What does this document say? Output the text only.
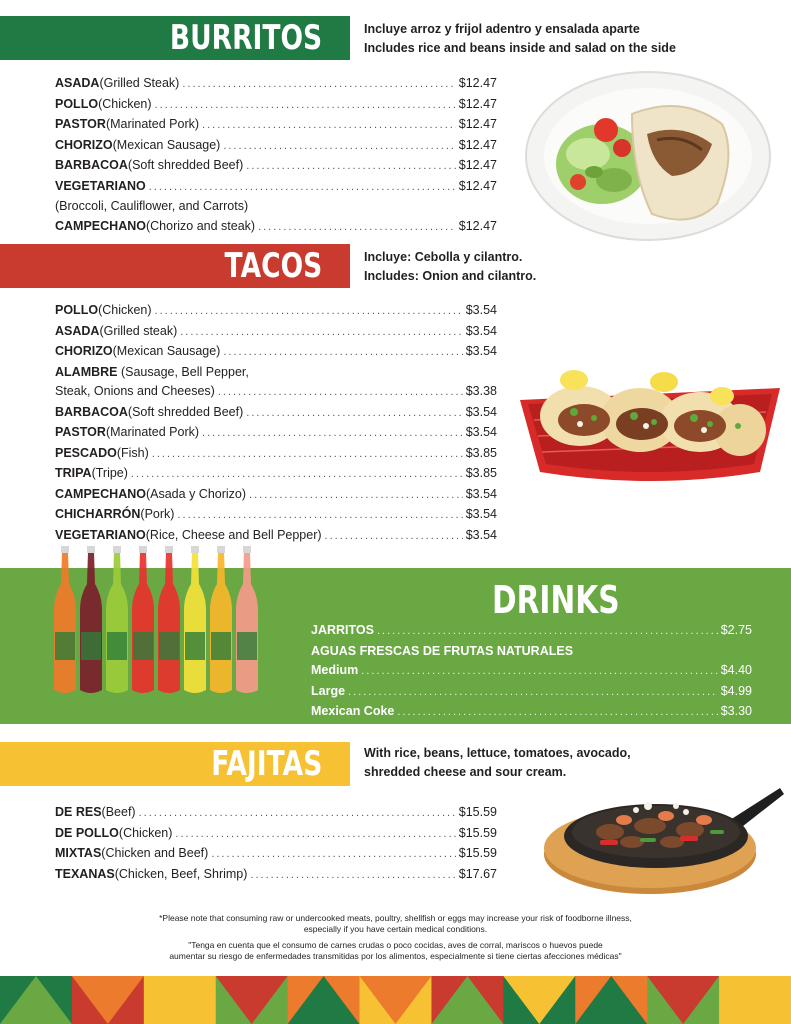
BURRITOS	Incluye arroz y frijol adentro y ensalada aparte
Includes rice and beans inside and salad on the side
ASADA (Grilled Steak) .....	$12.47
POLLO (Chicken) .....	$12.47
PASTOR (Marinated Pork) .....	$12.47
CHORIZO (Mexican Sausage) .....	$12.47
BARBACOA (Soft shredded Beef) .....	$12.47
VEGETARIANO .....	$12.47
(Broccoli, Cauliflower, and Carrots)
CAMPECHANO (Chorizo and steak) .....	$12.47
TACOS	Incluye: Cebolla y cilantro.
Includes: Onion and cilantro.
POLLO (Chicken) .....	$3.54
ASADA (Grilled steak) .....	$3.54
CHORIZO (Mexican Sausage) .....	$3.54
ALAMBRE (Sausage, Bell Pepper,
Steak, Onions and Cheeses) .....	$3.38
BARBACOA (Soft shredded Beef) .....	$3.54
PASTOR (Marinated Pork) .....	$3.54
PESCADO (Fish) .....	$3.85
TRIPA (Tripe) .....	$3.85
CAMPECHANO (Asada y Chorizo) .....	$3.54
CHICHARRÓN (Pork) .....	$3.54
VEGETARIANO (Rice, Cheese and Bell Pepper) .....	$3.54
DRINKS
JARRITOS .....	$2.75
AGUAS FRESCAS DE FRUTAS NATURALES
Medium .....	$4.40
Large .....	$4.99
Mexican Coke .....	$3.30
FAJITAS	With rice, beans, lettuce, tomatoes, avocado,
shredded cheese and sour cream.
DE RES (Beef) .....	$15.59
DE POLLO (Chicken) .....	$15.59
MIXTAS (Chicken and Beef) .....	$15.59
TEXANAS (Chicken, Beef, Shrimp) .....	$17.67
*Please note that consuming raw or undercooked meats, poultry, shellfish or eggs may increase your risk of foodborne illness,
especially if you have certain medical conditions.
"Tenga en cuenta que el consumo de carnes crudas o poco cocidas, aves de corral, mariscos o huevos puede
aumentar su riesgo de enfermedades transmitidas por los alimentos, especialmente si tiene ciertas afecciones médicas"
